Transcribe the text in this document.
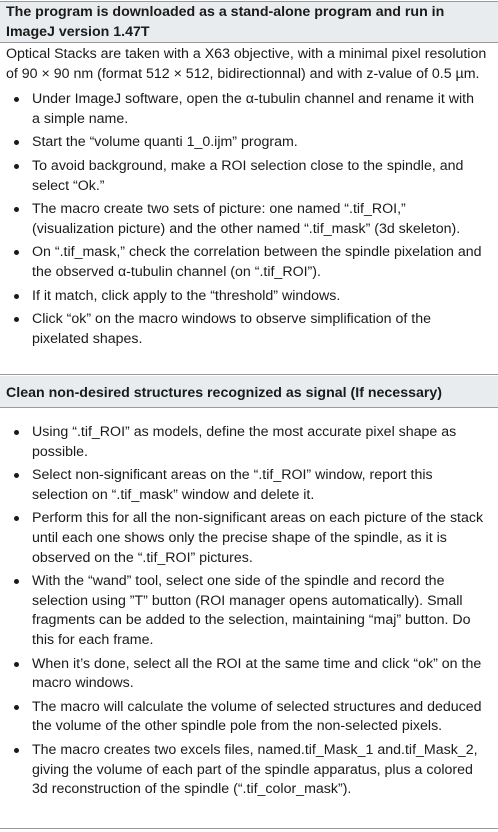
The program is downloaded as a stand-alone program and run in ImageJ version 1.47T

Optical Stacks are taken with a X63 objective, with a minimal pixel resolution of 90 × 90 nm (format 512 × 512, bidirectionnal) and with z-value of 0.5 µm.

Under ImageJ software, open the α-tubulin channel and rename it with a simple name.
Start the “volume quanti 1_0.ijm” program.
To avoid background, make a ROI selection close to the spindle, and select “Ok.”
The macro create two sets of picture: one named “.tif_ROI,” (visualization picture) and the other named “.tif_mask” (3d skeleton).
On “.tif_mask,” check the correlation between the spindle pixelation and the observed α-tubulin channel (on “.tif_ROI”).
If it match, click apply to the “threshold” windows.
Click “ok” on the macro windows to observe simplification of the pixelated shapes.
Clean non-desired structures recognized as signal (If necessary)
Using “.tif_ROI” as models, define the most accurate pixel shape as possible.
Select non-significant areas on the “.tif_ROI” window, report this selection on “.tif_mask” window and delete it.
Perform this for all the non-significant areas on each picture of the stack until each one shows only the precise shape of the spindle, as it is observed on the “.tif_ROI” pictures.
With the “wand” tool, select one side of the spindle and record the selection using ”T” button (ROI manager opens automatically). Small fragments can be added to the selection, maintaining “maj” button. Do this for each frame.
When it’s done, select all the ROI at the same time and click “ok” on the macro windows.
The macro will calculate the volume of selected structures and deduced the volume of the other spindle pole from the non-selected pixels.
The macro creates two excels files, named.tif_Mask_1 and.tif_Mask_2, giving the volume of each part of the spindle apparatus, plus a colored 3d reconstruction of the spindle (“.tif_color_mask”).
